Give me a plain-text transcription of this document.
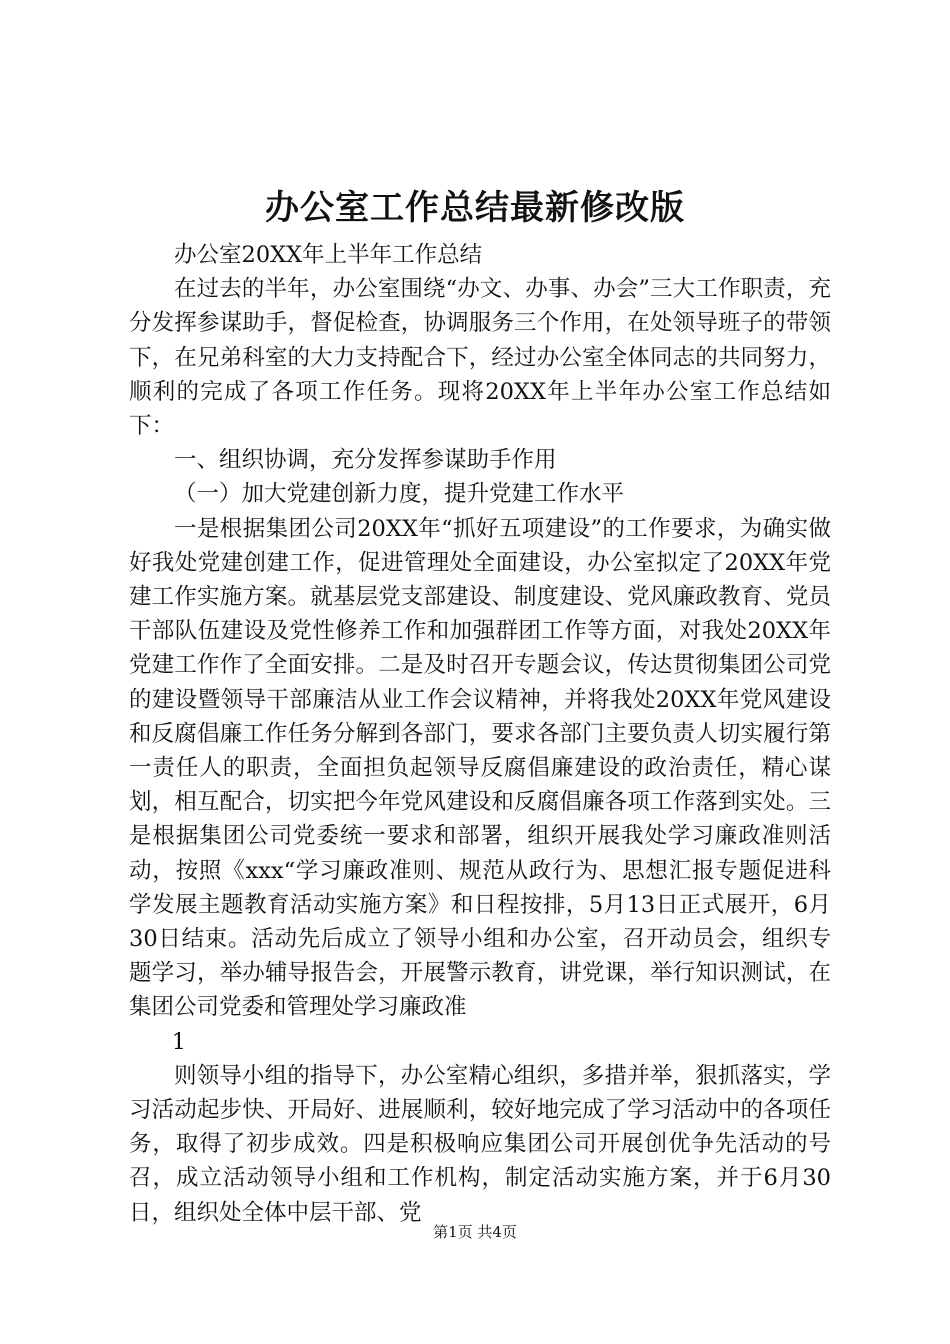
办公室工作总结最新修改版

办公室20XX年上半年工作总结

在过去的半年，办公室围绕“办文、办事、办会”三大工作职责，充分发挥参谋助手，督促检查，协调服务三个作用，在处领导班子的带领下，在兄弟科室的大力支持配合下，经过办公室全体同志的共同努力，顺利的完成了各项工作任务。现将20XX年上半年办公室工作总结如下：

一、组织协调，充分发挥参谋助手作用

（一）加大党建创新力度，提升党建工作水平

一是根据集团公司20XX年“抓好五项建设”的工作要求，为确实做好我处党建创建工作，促进管理处全面建设，办公室拟定了20XX年党建工作实施方案。就基层党支部建设、制度建设、党风廉政教育、党员干部队伍建设及党性修养工作和加强群团工作等方面，对我处20XX年党建工作作了全面安排。二是及时召开专题会议，传达贯彻集团公司党的建设暨领导干部廉洁从业工作会议精神，并将我处20XX年党风建设和反腐倡廉工作任务分解到各部门，要求各部门主要负责人切实履行第一责任人的职责，全面担负起领导反腐倡廉建设的政治责任，精心谋划，相互配合，切实把今年党风建设和反腐倡廉各项工作落到实处。三是根据集团公司党委统一要求和部署，组织开展我处学习廉政准则活动，按照《xxx“学习廉政准则、规范从政行为、思想汇报专题促进科学发展主题教育活动实施方案》和日程按排，5月13日正式展开，6月30日结束。活动先后成立了领导小组和办公室，召开动员会，组织专题学习，举办辅导报告会，开展警示教育，讲党课，举行知识测试，在集团公司党委和管理处学习廉政准

1

则领导小组的指导下，办公室精心组织，多措并举，狠抓落实，学习活动起步快、开局好、进展顺利，较好地完成了学习活动中的各项任务，取得了初步成效。四是积极响应集团公司开展创优争先活动的号召，成立活动领导小组和工作机构，制定活动实施方案，并于6月30日，组织处全体中层干部、党

第1页 共4页
